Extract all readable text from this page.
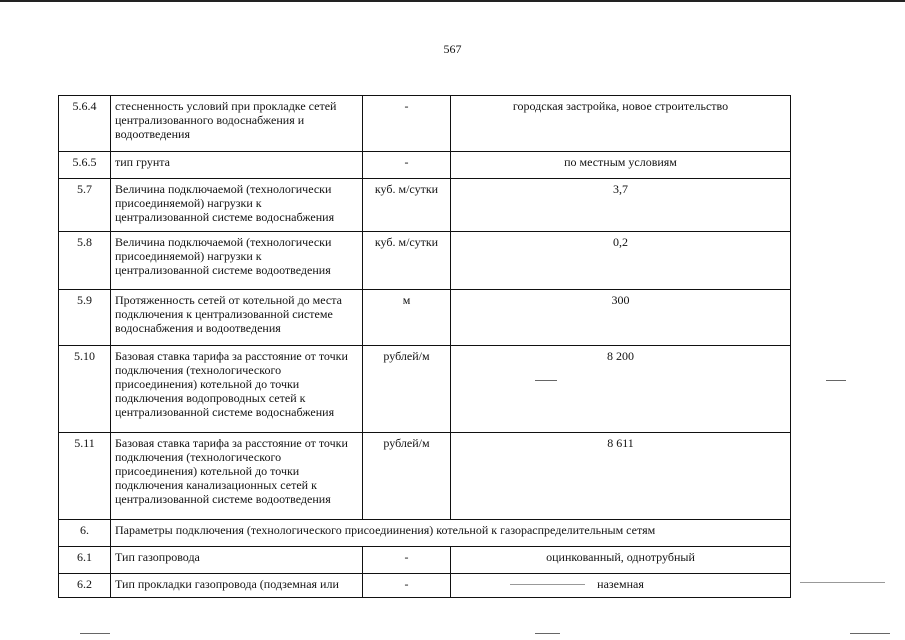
567
5.6.4	стесненность условий при прокладке сетей централизованного водоснабжения и водоотведения	-	городская застройка, новое строительство
5.6.5	тип грунта	-	по местным условиям
5.7	Величина подключаемой (технологически присоединяемой) нагрузки к централизованной системе водоснабжения	куб. м/сутки	3,7
5.8	Величина подключаемой (технологически присоединяемой) нагрузки к централизованной системе водоотведения	куб. м/сутки	0,2
5.9	Протяженность сетей от котельной до места подключения к централизованной системе водоснабжения и водоотведения	м	300
5.10	Базовая ставка тарифа за расстояние от точки подключения (технологического присоединения) котельной до точки подключения водопроводных сетей к централизованной системе водоснабжения	рублей/м	8 200
5.11	Базовая ставка тарифа за расстояние от точки подключения (технологического присоединения) котельной до точки подключения канализационных сетей к централизованной системе водоотведения	рублей/м	8 611
6.	Параметры подключения (технологического присоедиинения) котельной к газораспределительным сетям		
6.1	Тип газопровода	-	оцинкованный, однотрубный
6.2	Тип прокладки газопровода (подземная или	-	наземная
